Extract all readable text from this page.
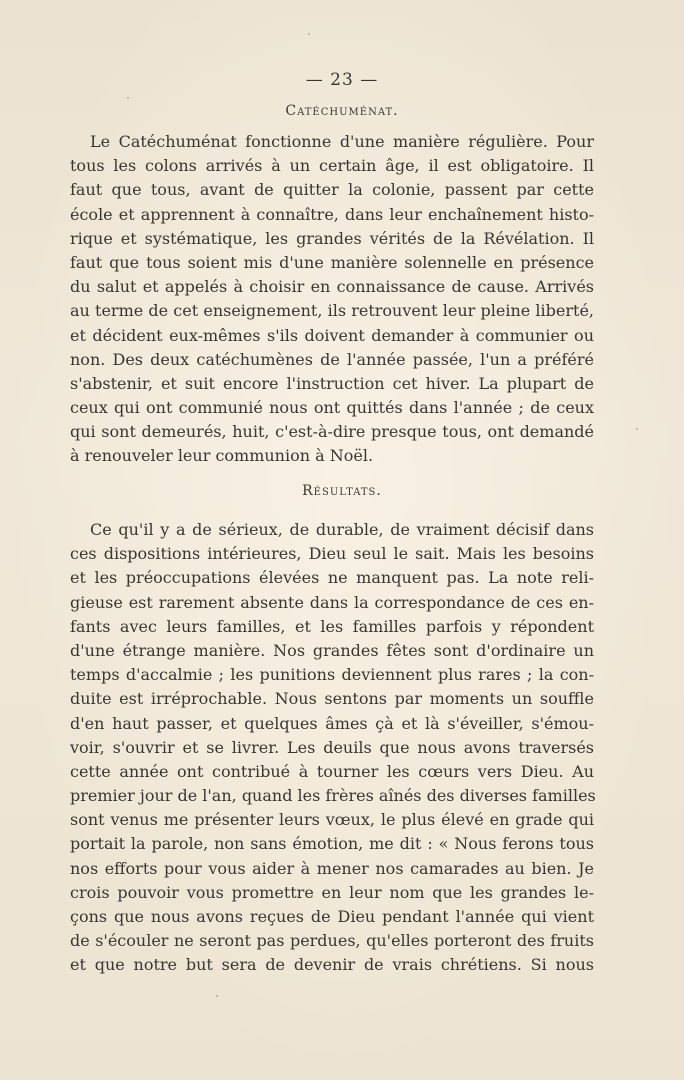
— 23 —
Catéchuménat.
Le Catéchuménat fonctionne d'une manière régulière. Pour
tous les colons arrivés à un certain âge, il est obligatoire. Il
faut que tous, avant de quitter la colonie, passent par cette
école et apprennent à connaître, dans leur enchaînement histo-
rique et systématique, les grandes vérités de la Révélation. Il
faut que tous soient mis d'une manière solennelle en présence
du salut et appelés à choisir en connaissance de cause. Arrivés
au terme de cet enseignement, ils retrouvent leur pleine liberté,
et décident eux-mêmes s'ils doivent demander à communier ou
non. Des deux catéchumènes de l'année passée, l'un a préféré
s'abstenir, et suit encore l'instruction cet hiver. La plupart de
ceux qui ont communié nous ont quittés dans l'année ; de ceux
qui sont demeurés, huit, c'est-à-dire presque tous, ont demandé
à renouveler leur communion à Noël.
Résultats.
Ce qu'il y a de sérieux, de durable, de vraiment décisif dans
ces dispositions intérieures, Dieu seul le sait. Mais les besoins
et les préoccupations élevées ne manquent pas. La note reli-
gieuse est rarement absente dans la correspondance de ces en-
fants avec leurs familles, et les familles parfois y répondent
d'une étrange manière. Nos grandes fêtes sont d'ordinaire un
temps d'accalmie ; les punitions deviennent plus rares ; la con-
duite est irréprochable. Nous sentons par moments un souffle
d'en haut passer, et quelques âmes çà et là s'éveiller, s'émou-
voir, s'ouvrir et se livrer. Les deuils que nous avons traversés
cette année ont contribué à tourner les cœurs vers Dieu. Au
premier jour de l'an, quand les frères aînés des diverses familles
sont venus me présenter leurs vœux, le plus élevé en grade qui
portait la parole, non sans émotion, me dit : « Nous ferons tous
nos efforts pour vous aider à mener nos camarades au bien. Je
crois pouvoir vous promettre en leur nom que les grandes le-
çons que nous avons reçues de Dieu pendant l'année qui vient
de s'écouler ne seront pas perdues, qu'elles porteront des fruits
et que notre but sera de devenir de vrais chrétiens. Si nous
